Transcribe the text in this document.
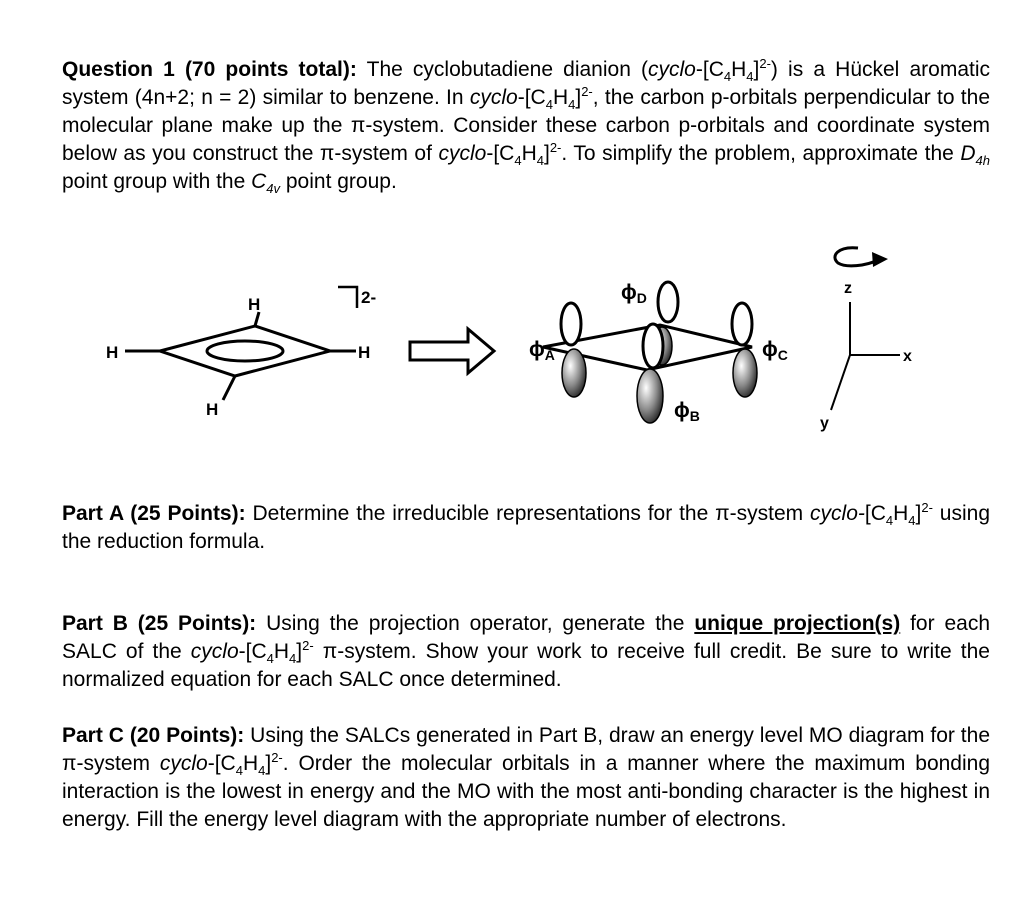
Question 1 (70 points total): The cyclobutadiene dianion $(cyclo-[C_4H_4]^{2-})$ is a Hückel aromatic system (4n+2; n = 2) similar to benzene. In cyclo-$[C_4H_4]^{2-}$, the carbon p-orbitals perpendicular to the molecular plane make up the π-system. Consider these carbon p-orbitals and coordinate system below as you construct the π-system of cyclo-$[C_4H_4]^{2-}$. To simplify the problem, approximate the $D_{4h}$ point group with the $C_{4v}$ point group.

H
H	H
H
2-
ϕA
ϕB
ϕC
ϕD
z
x
y

Part A (25 Points): Determine the irreducible representations for the π-system cyclo-$[C_4H_4]^{2-}$ using the reduction formula.

Part B (25 Points): Using the projection operator, generate the unique projection(s) for each SALC of the cyclo-$[C_4H_4]^{2-}$ π-system. Show your work to receive full credit. Be sure to write the normalized equation for each SALC once determined.

Part C (20 Points): Using the SALCs generated in Part B, draw an energy level MO diagram for the π-system cyclo-$[C_4H_4]^{2-}$. Order the molecular orbitals in a manner where the maximum bonding interaction is the lowest in energy and the MO with the most anti-bonding character is the highest in energy. Fill the energy level diagram with the appropriate number of electrons.
